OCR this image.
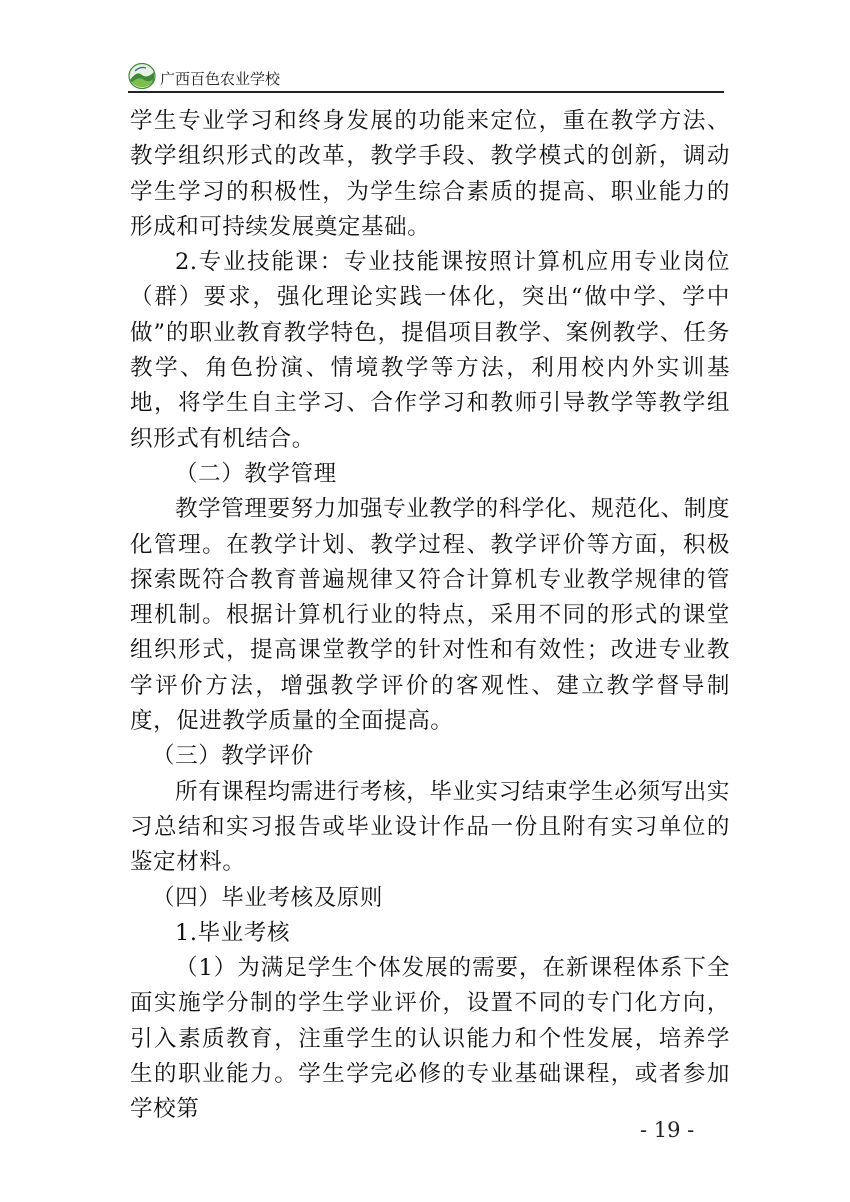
广西百色农业学校

学生专业学习和终身发展的功能来定位，重在教学方法、教学组织形式的改革，教学手段、教学模式的创新，调动学生学习的积极性，为学生综合素质的提高、职业能力的形成和可持续发展奠定基础。

2.专业技能课：专业技能课按照计算机应用专业岗位（群）要求，强化理论实践一体化，突出“做中学、学中做”的职业教育教学特色，提倡项目教学、案例教学、任务教学、角色扮演、情境教学等方法，利用校内外实训基地，将学生自主学习、合作学习和教师引导教学等教学组织形式有机结合。

（二）教学管理

教学管理要努力加强专业教学的科学化、规范化、制度化管理。在教学计划、教学过程、教学评价等方面，积极探索既符合教育普遍规律又符合计算机专业教学规律的管理机制。根据计算机行业的特点，采用不同的形式的课堂组织形式，提高课堂教学的针对性和有效性；改进专业教学评价方法，增强教学评价的客观性、建立教学督导制度，促进教学质量的全面提高。

（三）教学评价

所有课程均需进行考核，毕业实习结束学生必须写出实习总结和实习报告或毕业设计作品一份且附有实习单位的鉴定材料。

（四）毕业考核及原则

1.毕业考核

（1）为满足学生个体发展的需要，在新课程体系下全面实施学分制的学生学业评价，设置不同的专门化方向，引入素质教育，注重学生的认识能力和个性发展，培养学生的职业能力。学生学完必修的专业基础课程，或者参加学校第

- 19 -
